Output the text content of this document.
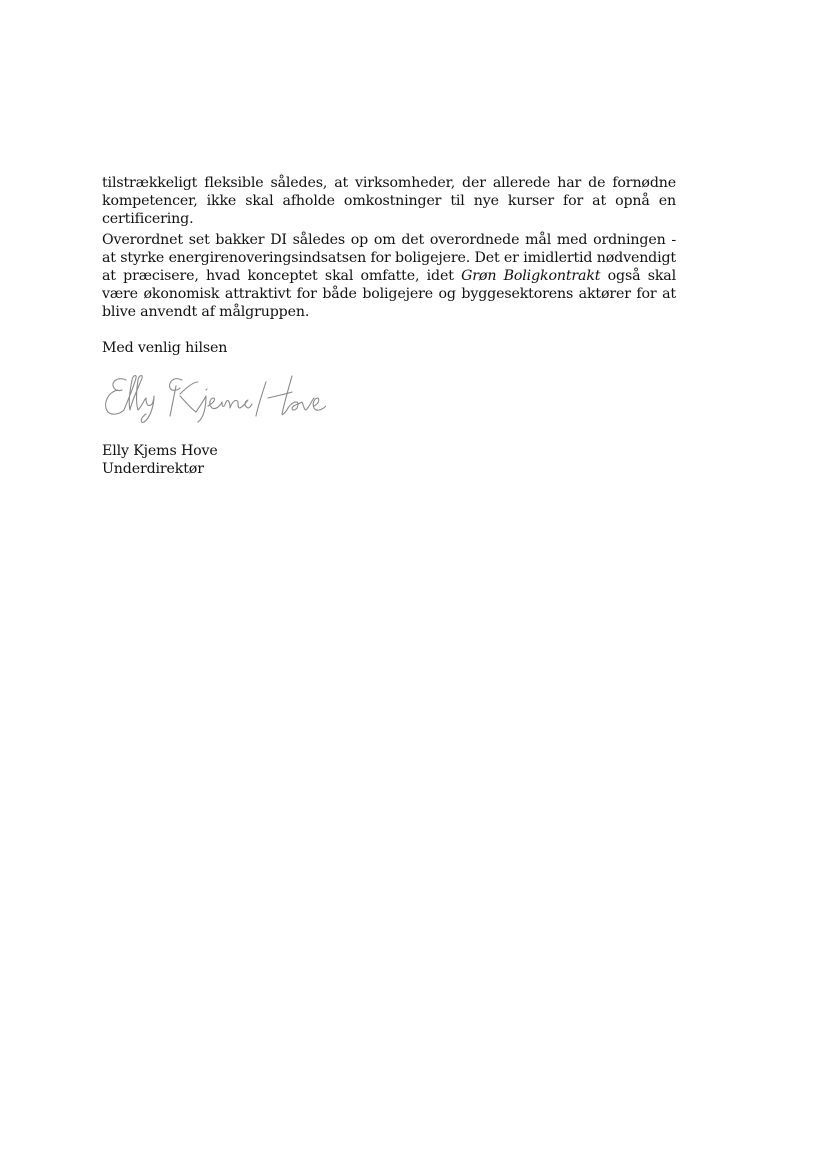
tilstrækkeligt fleksible således, at virksomheder, der allerede har de fornødne kompetencer, ikke skal afholde omkostninger til nye kurser for at opnå en certificering.

Overordnet set bakker DI således op om det overordnede mål med ordningen - at styrke energirenoveringsindsatsen for boligejere. Det er imidlertid nødvendigt at præcisere, hvad konceptet skal omfatte, idet Grøn Boligkontrakt også skal være økonomisk attraktivt for både boligejere og byggesektorens aktører for at blive anvendt af målgruppen.

Med venlig hilsen
Elly Kjems Hove
Underdirektør
